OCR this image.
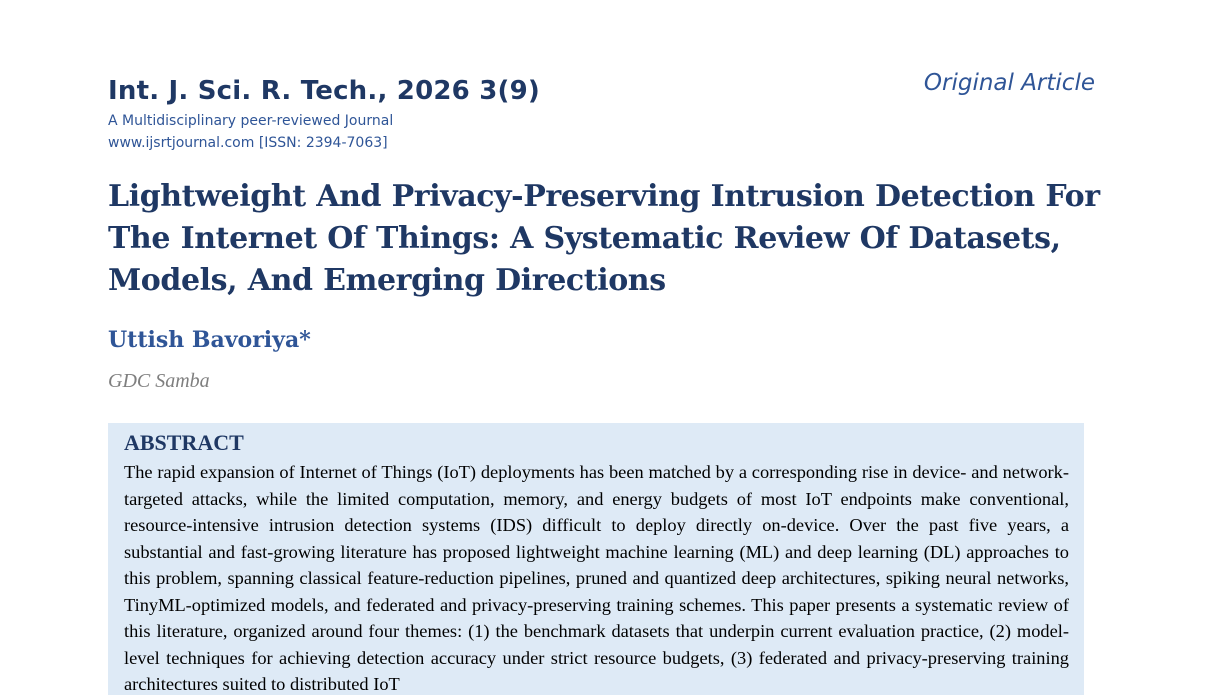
Int. J. Sci. R. Tech., 2026 3(9)
A Multidisciplinary peer-reviewed Journal
www.ijsrtjournal.com [ISSN: 2394-7063]
Original Article
Lightweight And Privacy-Preserving Intrusion Detection For The Internet Of Things: A Systematic Review Of Datasets, Models, And Emerging Directions
Uttish Bavoriya*
GDC Samba
ABSTRACT

The rapid expansion of Internet of Things (IoT) deployments has been matched by a corresponding rise in device- and network-targeted attacks, while the limited computation, memory, and energy budgets of most IoT endpoints make conventional, resource-intensive intrusion detection systems (IDS) difficult to deploy directly on-device. Over the past five years, a substantial and fast-growing literature has proposed lightweight machine learning (ML) and deep learning (DL) approaches to this problem, spanning classical feature-reduction pipelines, pruned and quantized deep architectures, spiking neural networks, TinyML-optimized models, and federated and privacy-preserving training schemes. This paper presents a systematic review of this literature, organized around four themes: (1) the benchmark datasets that underpin current evaluation practice, (2) model-level techniques for achieving detection accuracy under strict resource budgets, (3) federated and privacy-preserving training architectures suited to distributed IoT
